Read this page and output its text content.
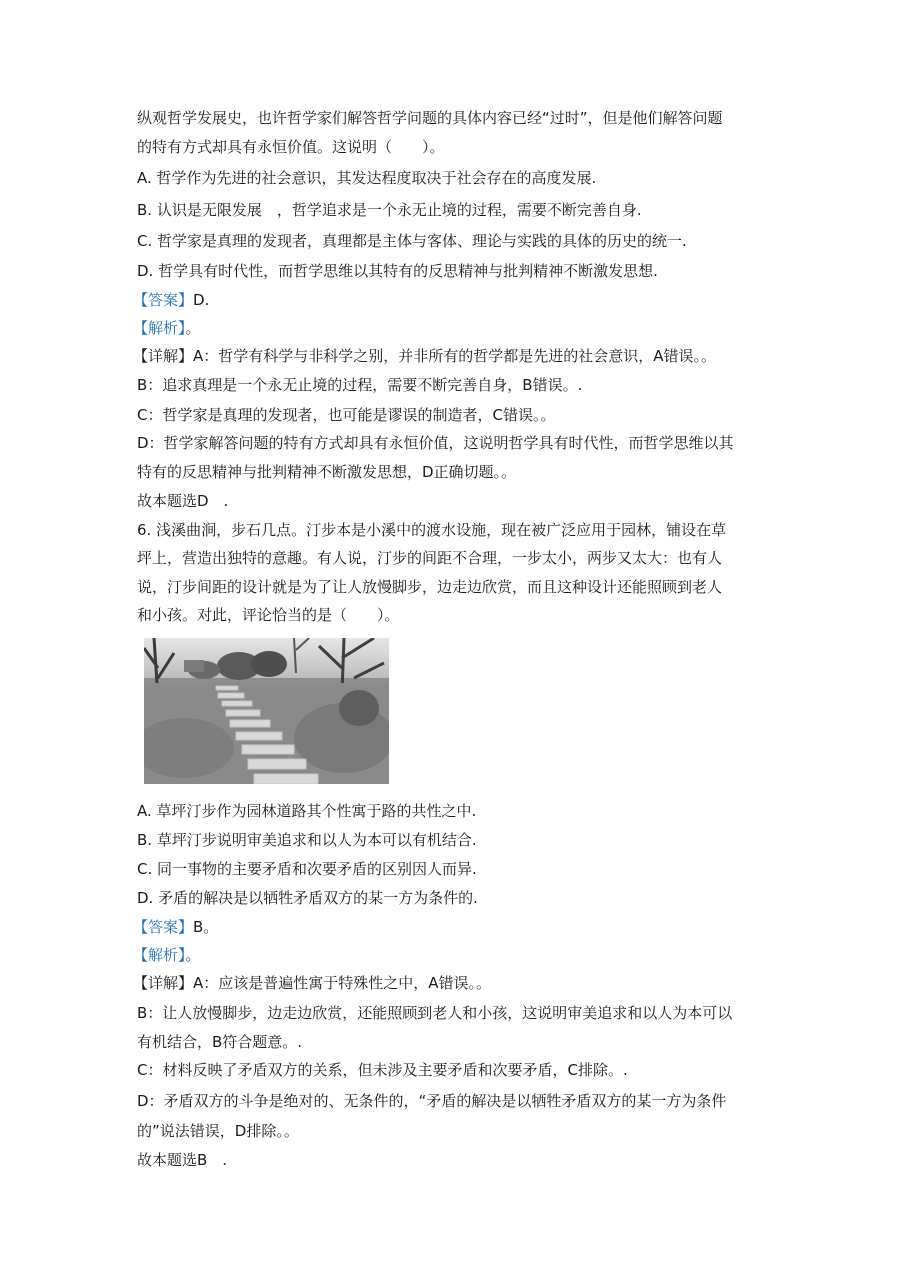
纵观哲学发展史，也许哲学家们解答哲学问题的具体内容已经“过时”，但是他们解答问题
的特有方式却具有永恒价值。这说明（　　）。
A. 哲学作为先进的社会意识，其发达程度取决于社会存在的高度发展.
B. 认识是无限发展　，哲学追求是一个永无止境的过程，需要不断完善自身.
C. 哲学家是真理的发现者，真理都是主体与客体、理论与实践的具体的历史的统一.
D. 哲学具有时代性，而哲学思维以其特有的反思精神与批判精神不断激发思想.
【答案】D.
【解析】。
【详解】A：哲学有科学与非科学之别，并非所有的哲学都是先进的社会意识，A错误。。
B：追求真理是一个永无止境的过程，需要不断完善自身，B错误。.
C：哲学家是真理的发现者，也可能是谬误的制造者，C错误。。
D：哲学家解答问题的特有方式却具有永恒价值，这说明哲学具有时代性，而哲学思维以其
特有的反思精神与批判精神不断激发思想，D正确切题。。
故本题选D　.
6. 浅溪曲涧，步石几点。汀步本是小溪中的渡水设施，现在被广泛应用于园林，铺设在草
坪上，营造出独特的意趣。有人说，汀步的间距不合理，一步太小，两步又太大：也有人
说，汀步间距的设计就是为了让人放慢脚步，边走边欣赏，而且这种设计还能照顾到老人
和小孩。对此，评论恰当的是（　　）。
A. 草坪汀步作为园林道路其个性寓于路的共性之中.
B. 草坪汀步说明审美追求和以人为本可以有机结合.
C. 同一事物的主要矛盾和次要矛盾的区别因人而异.
D. 矛盾的解决是以牺牲矛盾双方的某一方为条件的.
【答案】B。
【解析】。
【详解】A：应该是普遍性寓于特殊性之中，A错误。。
B：让人放慢脚步，边走边欣赏，还能照顾到老人和小孩，这说明审美追求和以人为本可以
有机结合，B符合题意。.
C：材料反映了矛盾双方的关系，但未涉及主要矛盾和次要矛盾，C排除。.
D：矛盾双方的斗争是绝对的、无条件的，“矛盾的解决是以牺牲矛盾双方的某一方为条件
的”说法错误，D排除。。
故本题选B　.
